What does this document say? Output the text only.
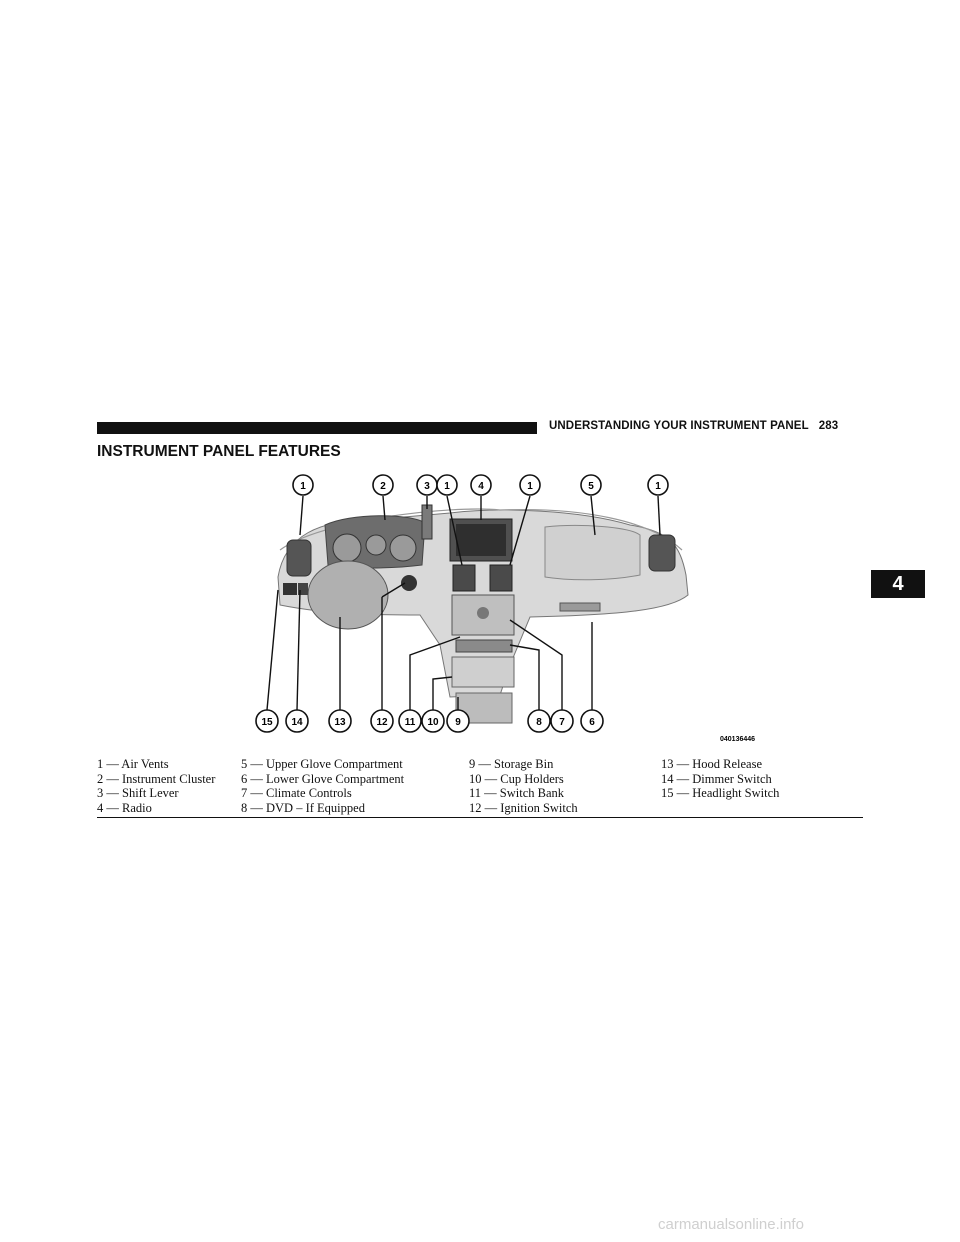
UNDERSTANDING YOUR INSTRUMENT PANEL 283
INSTRUMENT PANEL FEATURES
4
1	2	3 1	4	1	5	1
15 14	13	12 11 10 9	8 7 6
0401364​46
1 — Air Vents	5 — Upper Glove Compartment	9 — Storage Bin	13 — Hood Release
2 — Instrument Cluster	6 — Lower Glove Compartment	10 — Cup Holders	14 — Dimmer Switch
3 — Shift Lever	7 — Climate Controls	11 — Switch Bank	15 — Headlight Switch
4 — Radio	8 — DVD – If Equipped	12 — Ignition Switch
carmanualsonline.info
